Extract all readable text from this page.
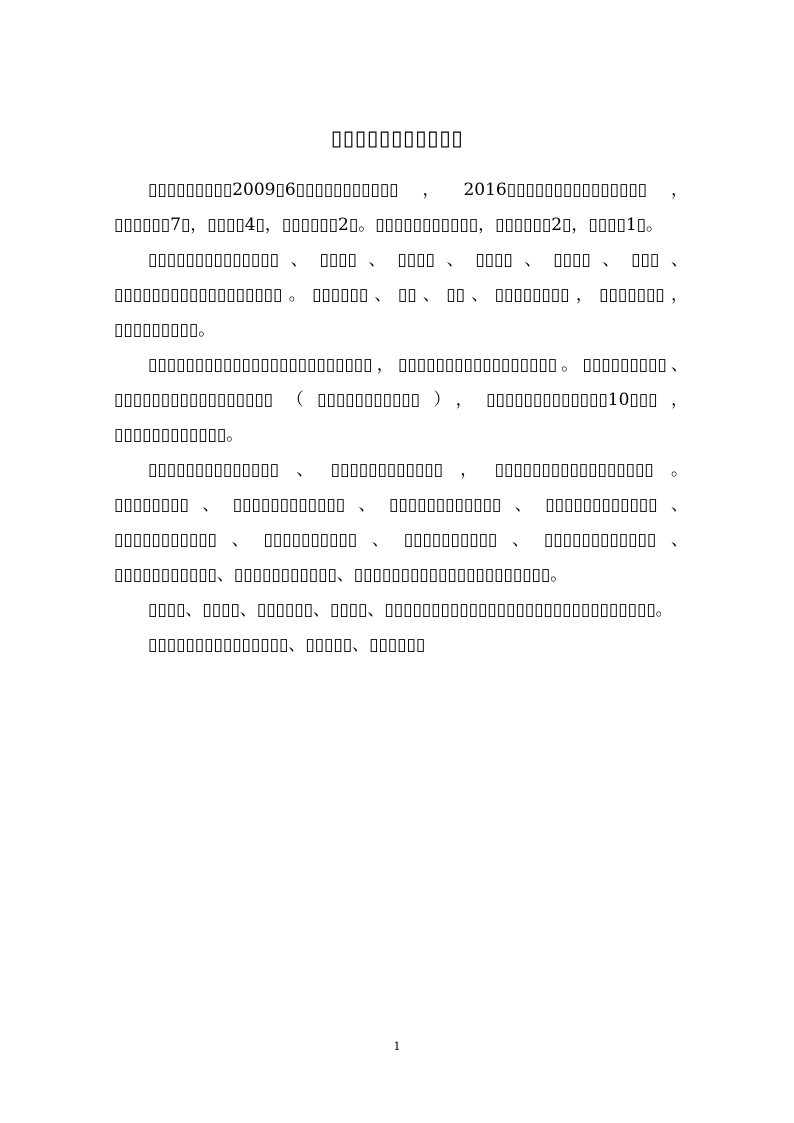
▯▯▯▯▯▯▯▯▯▯▯

▯▯▯▯▯▯▯▯▯2009▯6▯▯▯▯▯▯▯▯▯▯▯，2016▯▯▯▯▯▯▯▯▯▯▯▯▯▯▯，▯▯▯▯▯▯7▯，▯▯▯▯4▯，▯▯▯▯▯▯2▯。▯▯▯▯▯▯▯▯▯▯▯，▯▯▯▯▯▯2▯，▯▯▯▯1▯。

▯▯▯▯▯▯▯▯▯▯▯▯▯▯、▯▯▯▯、▯▯▯▯、▯▯▯▯、▯▯▯▯、▯▯▯、▯▯▯▯▯▯▯▯▯▯▯▯▯▯▯▯▯▯。▯▯▯▯▯▯、▯▯、▯▯、▯▯▯▯▯▯▯▯，▯▯▯▯▯▯▯，▯▯▯▯▯▯▯▯▯。

▯▯▯▯▯▯▯▯▯▯▯▯▯▯▯▯▯▯▯▯▯▯▯▯，▯▯▯▯▯▯▯▯▯▯▯▯▯▯▯▯▯。▯▯▯▯▯▯▯▯▯、▯▯▯▯▯▯▯▯▯▯▯▯▯▯▯▯▯（▯▯▯▯▯▯▯▯▯▯▯），▯▯▯▯▯▯▯▯▯▯▯▯▯10▯▯▯，▯▯▯▯▯▯▯▯▯▯▯▯。

▯▯▯▯▯▯▯▯▯▯▯▯▯▯、▯▯▯▯▯▯▯▯▯▯▯▯，▯▯▯▯▯▯▯▯▯▯▯▯▯▯▯▯▯。▯▯▯▯▯▯▯▯、▯▯▯▯▯▯▯▯▯▯▯▯、▯▯▯▯▯▯▯▯▯▯▯▯、▯▯▯▯▯▯▯▯▯▯▯▯、▯▯▯▯▯▯▯▯▯▯▯、▯▯▯▯▯▯▯▯▯▯、▯▯▯▯▯▯▯▯▯▯、▯▯▯▯▯▯▯▯▯▯▯▯、▯▯▯▯▯▯▯▯▯▯▯、▯▯▯▯▯▯▯▯▯▯▯、▯▯▯▯▯▯▯▯▯▯▯▯▯▯▯▯▯▯▯▯▯。

▯▯▯▯、▯▯▯▯、▯▯▯▯▯▯、▯▯▯▯、▯▯▯▯▯▯▯▯▯▯▯▯▯▯▯▯▯▯▯▯▯▯▯▯▯▯▯▯▯。

▯▯▯▯▯▯▯▯▯▯▯▯▯▯▯、▯▯▯▯▯、▯▯▯▯▯▯

1
